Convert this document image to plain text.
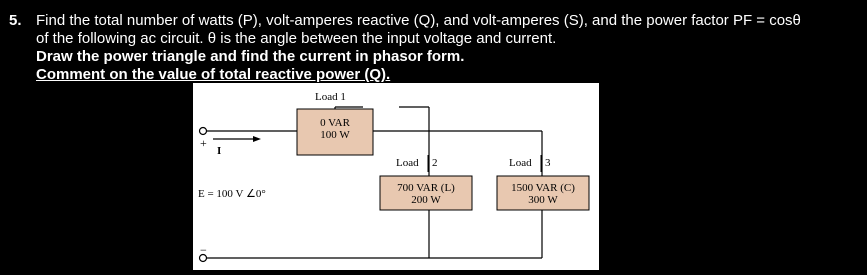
5. Find the total number of watts (P), volt-amperes reactive (Q), and volt-amperes (S), and the power factor PF = cosθ
of the following ac circuit. θ is the angle between the input voltage and current.
Draw the power triangle and find the current in phasor form.
Comment on the value of total reactive power (Q).
+
I
E = 100 V ∠0°
−
Load 1
0 VAR
100 W
Load 2
700 VAR (L)
200 W
Load 3
1500 VAR (C)
300 W
